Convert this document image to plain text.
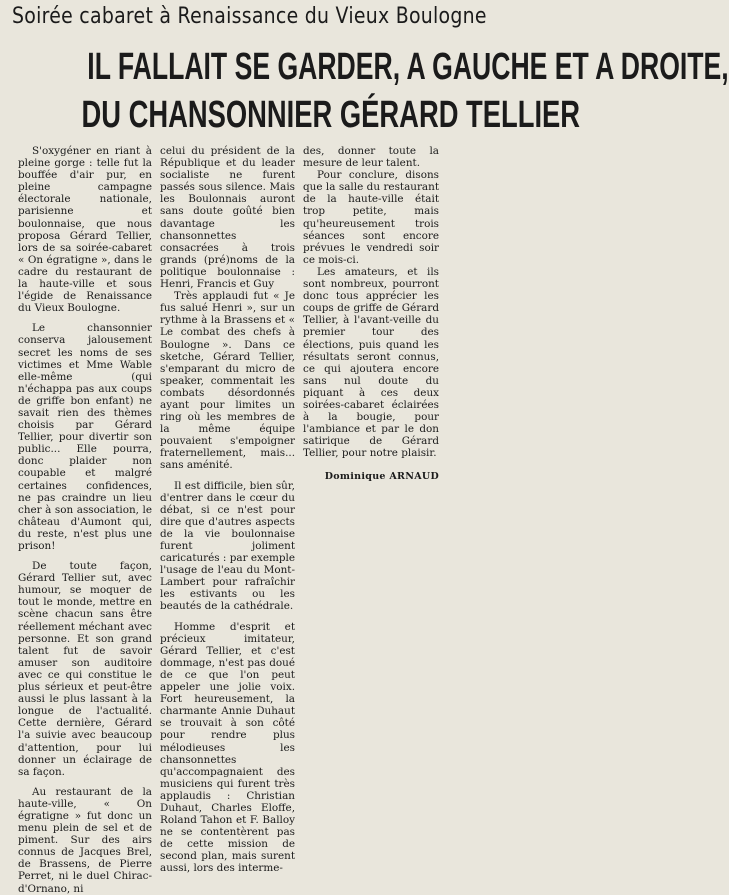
Soirée cabaret à Renaissance du Vieux Boulogne
IL FALLAIT SE GARDER, A GAUCHE ET A DROITE,
DU CHANSONNIER GÉRARD TELLIER

S'oxygéner en riant à pleine gorge : telle fut la bouffée d'air pur, en pleine campagne électorale nationale, parisienne et boulonnaise, que nous proposa Gérard Tellier, lors de sa soirée-cabaret « On égratigne », dans le cadre du restaurant de la haute-ville et sous l'égide de Renaissance du Vieux Boulogne.

Le chansonnier conserva jalousement secret les noms de ses victimes et Mme Wable elle-même (qui n'échappa pas aux coups de griffe bon enfant) ne savait rien des thèmes choisis par Gérard Tellier, pour divertir son public... Elle pourra, donc plaider non coupable et malgré certaines confidences, ne pas craindre un lieu cher à son association, le château d'Aumont qui, du reste, n'est plus une prison!

De toute façon, Gérard Tellier sut, avec humour, se moquer de tout le monde, mettre en scène chacun sans être réellement méchant avec personne. Et son grand talent fut de savoir amuser son auditoire avec ce qui constitue le plus sérieux et peut-être aussi le plus lassant à la longue de l'actualité. Cette dernière, Gérard l'a suivie avec beaucoup d'attention, pour lui donner un éclairage de sa façon.

Au restaurant de la haute-ville, « On égratigne » fut donc un menu plein de sel et de piment. Sur des airs connus de Jacques Brel, de Brassens, de Pierre Perret, ni le duel Chirac-d'Ornano, ni

celui du président de la République et du leader socialiste ne furent passés sous silence. Mais les Boulonnais auront sans doute goûté bien davantage les chansonnettes consacrées à trois grands (pré)noms de la politique boulonnaise : Henri, Francis et Guy

Très applaudi fut « Je fus salué Henri », sur un rythme à la Brassens et « Le combat des chefs à Boulogne ». Dans ce sketche, Gérard Tellier, s'emparant du micro de speaker, commentait les combats désordonnés ayant pour limites un ring où les membres de la même équipe pouvaient s'empoigner fraternellement, mais... sans aménité.

Il est difficile, bien sûr, d'entrer dans le cœur du débat, si ce n'est pour dire que d'autres aspects de la vie boulonnaise furent joliment caricaturés : par exemple l'usage de l'eau du Mont-Lambert pour rafraîchir les estivants ou les beautés de la cathédrale.

Homme d'esprit et précieux imitateur, Gérard Tellier, et c'est dommage, n'est pas doué de ce que l'on peut appeler une jolie voix. Fort heureusement, la charmante Annie Duhaut se trouvait à son côté pour rendre plus mélodieuses les chansonnettes qu'accompagnaient des musiciens qui furent très applaudis : Christian Duhaut, Charles Eloffe, Roland Tahon et F. Balloy ne se contentèrent pas de cette mission de second plan, mais surent aussi, lors des interme-

des, donner toute la mesure de leur talent.

Pour conclure, disons que la salle du restaurant de la haute-ville était trop petite, mais qu'heureusement trois séances sont encore prévues le vendredi soir ce mois-ci.

Les amateurs, et ils sont nombreux, pourront donc tous apprécier les coups de griffe de Gérard Tellier, à l'avant-veille du premier tour des élections, puis quand les résultats seront connus, ce qui ajoutera encore sans nul doute du piquant à ces deux soirées-cabaret éclairées à la bougie, pour l'ambiance et par le don satirique de Gérard Tellier, pour notre plaisir.

Dominique ARNAUD
